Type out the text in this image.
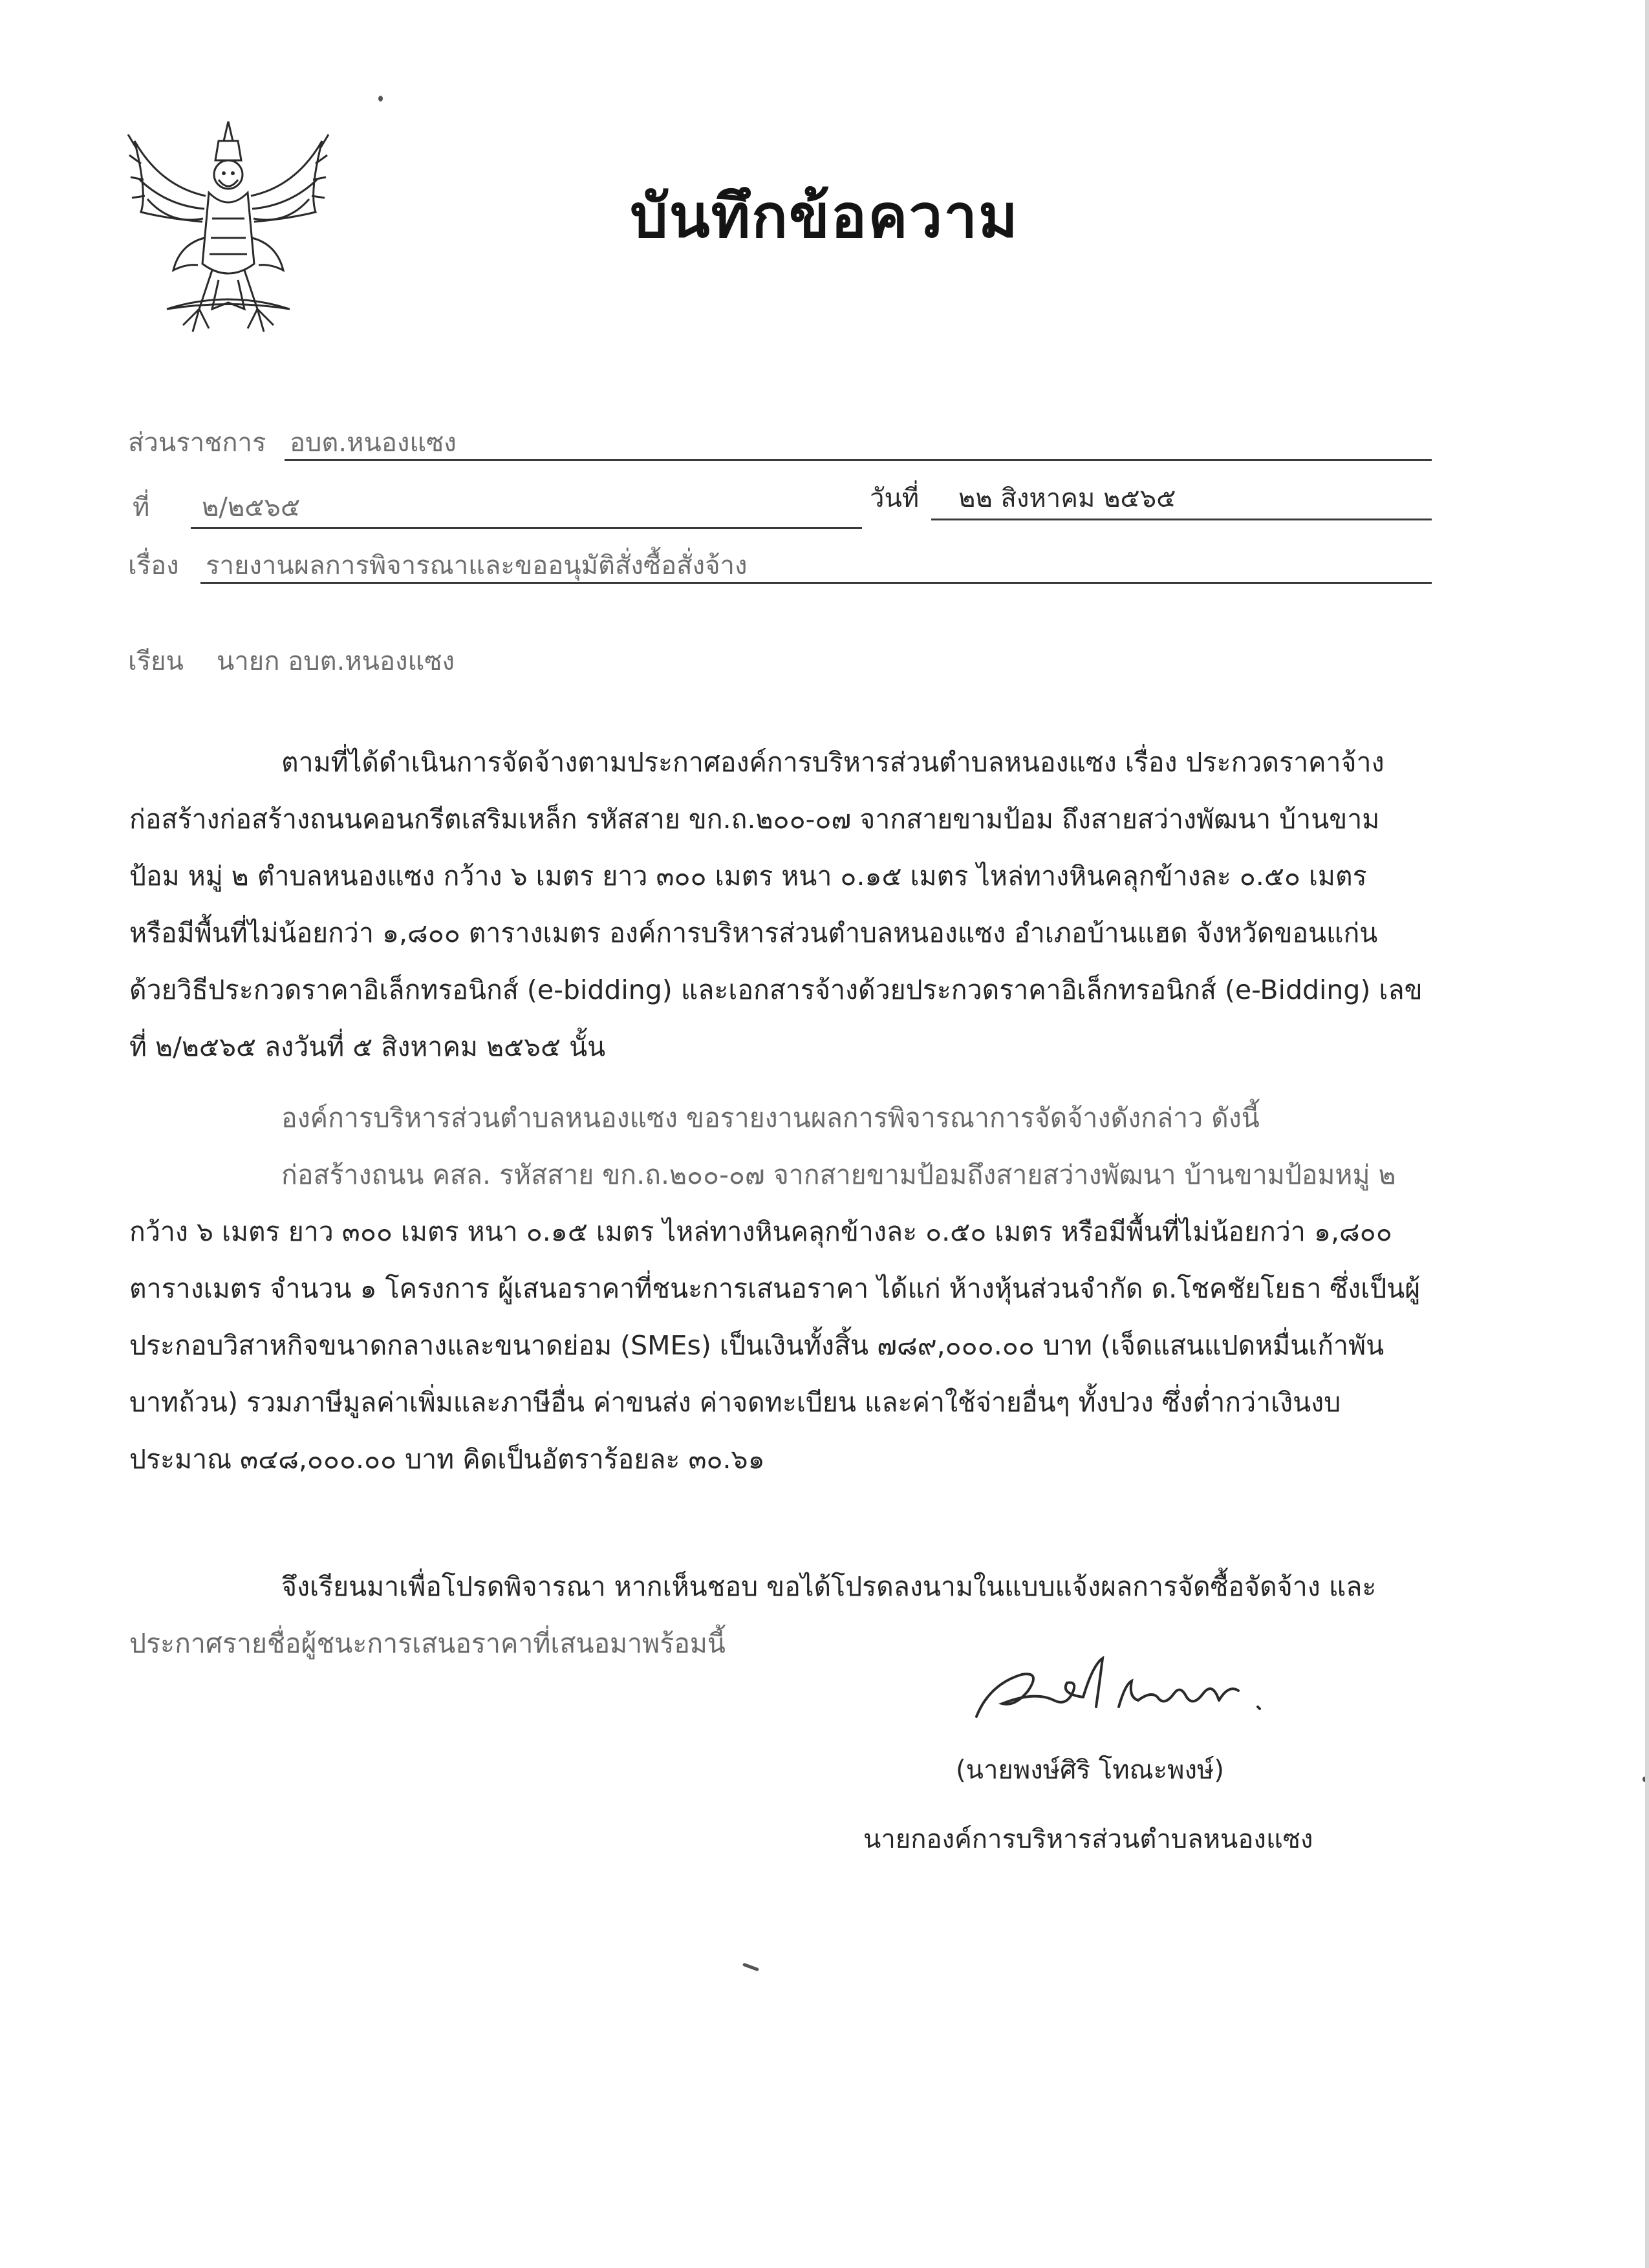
บันทึกข้อความ
ส่วนราชการ อบต.หนองแซง
ที่ ๒/๒๕๖๕	วันที่ ๒๒ สิงหาคม ๒๕๖๕
เรื่อง รายงานผลการพิจารณาและขออนุมัติสั่งซื้อสั่งจ้าง
เรียน นายก อบต.หนองแซง
ตามที่ได้ดำเนินการจัดจ้างตามประกาศองค์การบริหารส่วนตำบลหนองแซง เรื่อง ประกวดราคาจ้าง
ก่อสร้างก่อสร้างถนนคอนกรีตเสริมเหล็ก รหัสสาย ขก.ถ.๒๐๐-๐๗ จากสายขามป้อม ถึงสายสว่างพัฒนา บ้านขาม
ป้อม หมู่ ๒ ตำบลหนองแซง กว้าง ๖ เมตร ยาว ๓๐๐ เมตร หนา ๐.๑๕ เมตร ไหล่ทางหินคลุกข้างละ ๐.๕๐ เมตร
หรือมีพื้นที่ไม่น้อยกว่า ๑,๘๐๐ ตารางเมตร องค์การบริหารส่วนตำบลหนองแซง อำเภอบ้านแฮด จังหวัดขอนแก่น
ด้วยวิธีประกวดราคาอิเล็กทรอนิกส์ (e-bidding) และเอกสารจ้างด้วยประกวดราคาอิเล็กทรอนิกส์ (e-Bidding) เลข
ที่ ๒/๒๕๖๕ ลงวันที่ ๕ สิงหาคม ๒๕๖๕ นั้น
องค์การบริหารส่วนตำบลหนองแซง ขอรายงานผลการพิจารณาการจัดจ้างดังกล่าว ดังนี้
ก่อสร้างถนน คสล. รหัสสาย ขก.ถ.๒๐๐-๐๗ จากสายขามป้อมถึงสายสว่างพัฒนา บ้านขามป้อมหมู่ ๒
กว้าง ๖ เมตร ยาว ๓๐๐ เมตร หนา ๐.๑๕ เมตร ไหล่ทางหินคลุกข้างละ ๐.๕๐ เมตร หรือมีพื้นที่ไม่น้อยกว่า ๑,๘๐๐
ตารางเมตร จำนวน ๑ โครงการ ผู้เสนอราคาที่ชนะการเสนอราคา ได้แก่ ห้างหุ้นส่วนจำกัด ด.โชคชัยโยธา ซึ่งเป็นผู้
ประกอบวิสาหกิจขนาดกลางและขนาดย่อม (SMEs) เป็นเงินทั้งสิ้น ๗๘๙,๐๐๐.๐๐ บาท (เจ็ดแสนแปดหมื่นเก้าพัน
บาทถ้วน) รวมภาษีมูลค่าเพิ่มและภาษีอื่น ค่าขนส่ง ค่าจดทะเบียน และค่าใช้จ่ายอื่นๆ ทั้งปวง ซึ่งต่ำกว่าเงินงบ
ประมาณ ๓๔๘,๐๐๐.๐๐ บาท คิดเป็นอัตราร้อยละ ๓๐.๖๑
จึงเรียนมาเพื่อโปรดพิจารณา หากเห็นชอบ ขอได้โปรดลงนามในแบบแจ้งผลการจัดซื้อจัดจ้าง และ
ประกาศรายชื่อผู้ชนะการเสนอราคาที่เสนอมาพร้อมนี้
(นายพงษ์ศิริ โทณะพงษ์)
นายกองค์การบริหารส่วนตำบลหนองแซง
